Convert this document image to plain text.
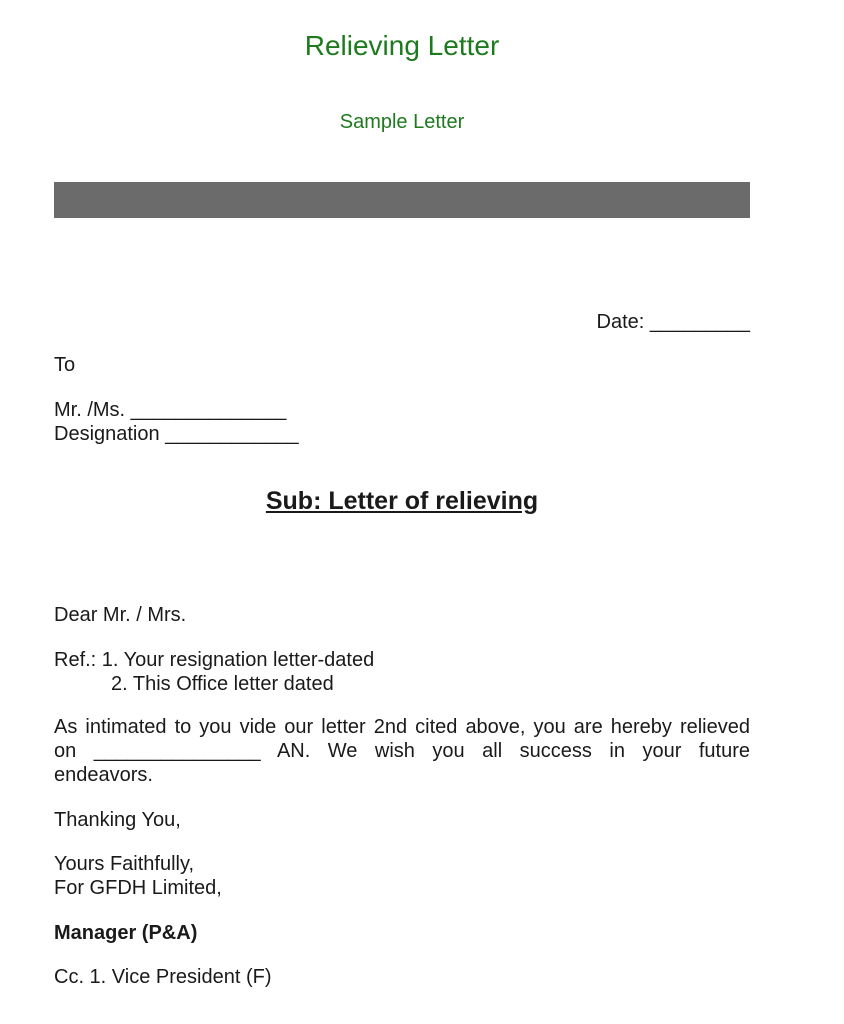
Relieving Letter
Sample Letter
Date: _________
To
Mr. /Ms. ______________
Designation ____________
Sub: Letter of relieving
Dear Mr. / Mrs.
Ref.: 1. Your resignation letter-dated
2. This Office letter dated
As intimated to you vide our letter 2nd cited above, you are hereby relieved
on _______________ AN. We wish you all success in your future
endeavors.
Thanking You,
Yours Faithfully,
For GFDH Limited,
Manager (P&A)
Cc. 1. Vice President (F)
